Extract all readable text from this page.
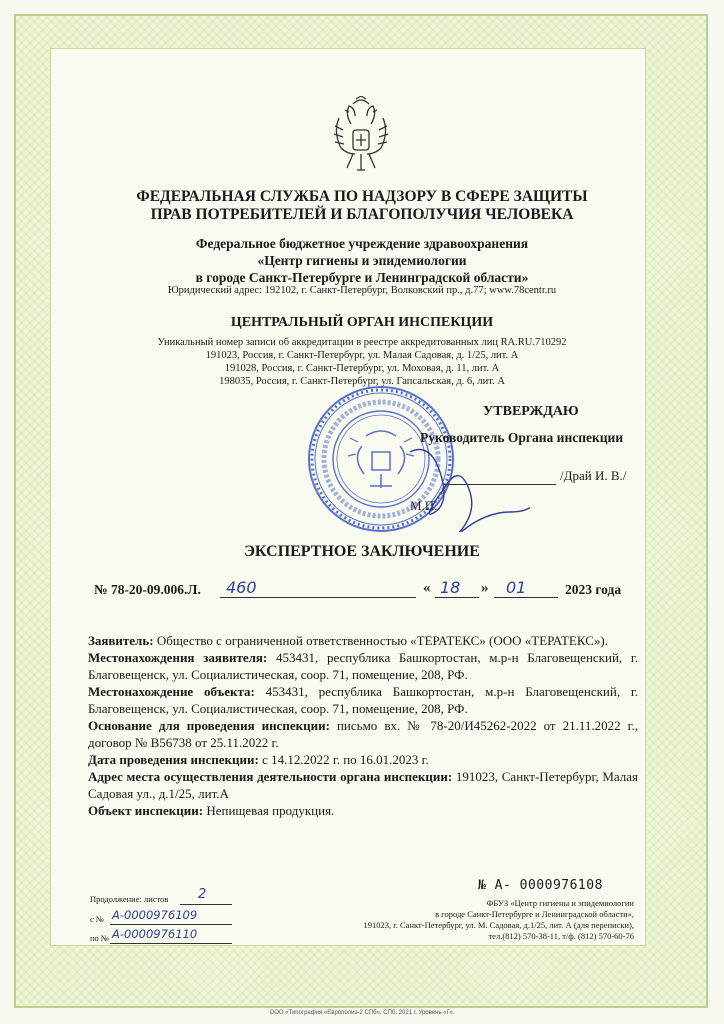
ФЕДЕРАЛЬНАЯ СЛУЖБА ПО НАДЗОРУ В СФЕРЕ ЗАЩИТЫ
ПРАВ ПОТРЕБИТЕЛЕЙ И БЛАГОПОЛУЧИЯ ЧЕЛОВЕКА
Федеральное бюджетное учреждение здравоохранения
«Центр гигиены и эпидемиологии
в городе Санкт-Петербурге и Ленинградской области»
Юридический адрес: 192102, г. Санкт-Петербург, Волковский пр., д.77; www.78centr.ru
ЦЕНТРАЛЬНЫЙ ОРГАН ИНСПЕКЦИИ
Уникальный номер записи об аккредитации в реестре аккредитованных лиц RA.RU.710292
191023, Россия, г. Санкт-Петербург, ул. Малая Садовая, д. 1/25, лит. А
191028, Россия, г. Санкт-Петербург, ул. Моховая, д. 11, лит. А
198035, Россия, г. Санкт-Петербург, ул. Гапсальская, д. 6, лит. А
УТВЕРЖДАЮ
Руководитель Органа инспекции
/Драй И. В./
М.П.
ЭКСПЕРТНОЕ ЗАКЛЮЧЕНИЕ
№ 78-20-09.006.Л. 460	« 18 » 01	2023 года

Заявитель: Общество с ограниченной ответственностью «ТЕРАТЕКС» (ООО «ТЕРАТЕКС»).

Местонахождения заявителя: 453431, республика Башкортостан, м.р-н Благовещенский, г. Благовещенск, ул. Социалистическая, соор. 71, помещение, 208, РФ.

Местонахождение объекта: 453431, республика Башкортостан, м.р-н Благовещенский, г. Благовещенск, ул. Социалистическая, соор. 71, помещение, 208, РФ.

Основание для проведения инспекции: письмо вх. № 78-20/И45262-2022 от 21.11.2022 г., договор № В56738 от 25.11.2022 г.

Дата проведения инспекции: с 14.12.2022 г. по 16.01.2023 г.

Адрес места осуществления деятельности органа инспекции: 191023, Санкт-Петербург, Малая Садовая ул., д.1/25, лит.А

Объект инспекции: Непищевая продукция.

Продолжение: листов 2
с № А-0000976109
по № А-0000976110
№ А- 0000976108
ФБУЗ «Центр гигиены и эпидемиологии
в городе Санкт-Петербурге и Ленинградской области»,
191023, г. Санкт-Петербург, ул. М. Садовая, д.1/25, лит. А (для переписки),
тел.(812) 570-38-11, т/ф. (812) 570-60-76
ООО «Типография «Европолиэ-2 СПб». СПб. 2021 г. Уровень «Г».
